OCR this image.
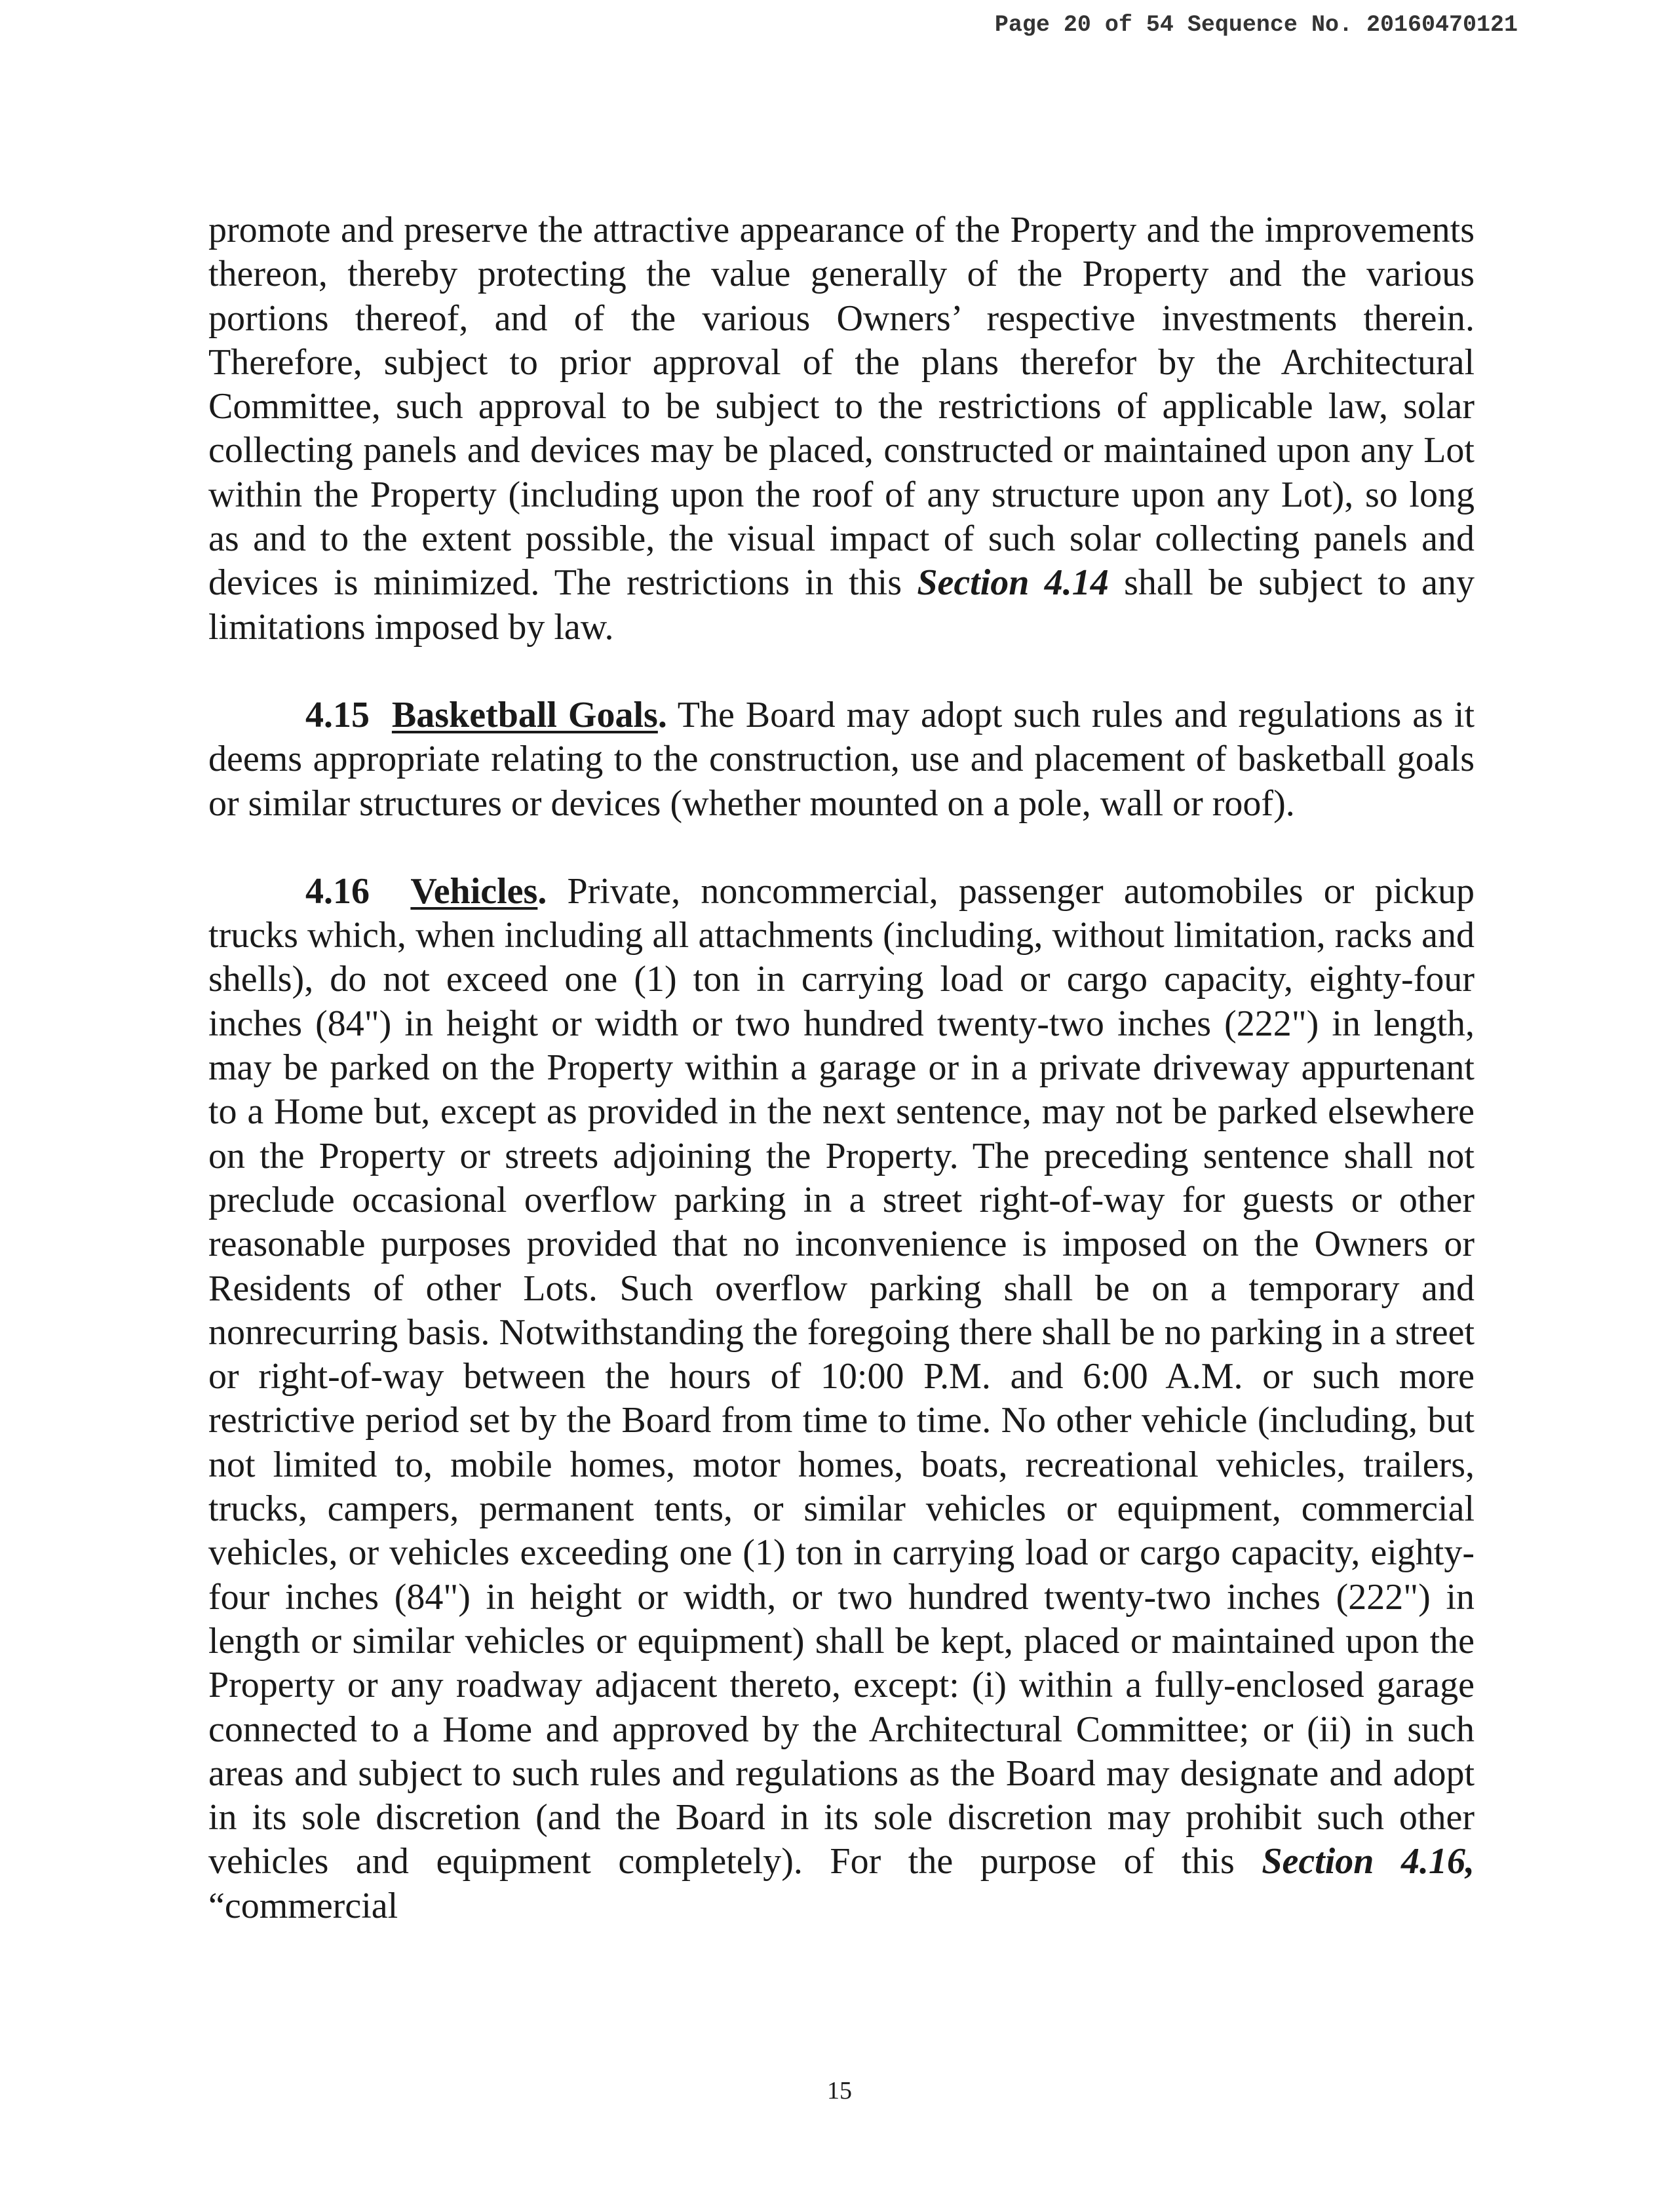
Page 20 of 54 Sequence No. 20160470121

promote and preserve the attractive appearance of the Property and the improvements thereon, thereby protecting the value generally of the Property and the various portions thereof, and of the various Owners’ respective investments therein. Therefore, subject to prior approval of the plans therefor by the Architectural Committee, such approval to be subject to the restrictions of applicable law, solar collecting panels and devices may be placed, constructed or maintained upon any Lot within the Property (including upon the roof of any structure upon any Lot), so long as and to the extent possible, the visual impact of such solar collecting panels and devices is minimized. The restrictions in this Section 4.14 shall be subject to any limitations imposed by law.

4.15 Basketball Goals. The Board may adopt such rules and regulations as it deems appropriate relating to the construction, use and placement of basketball goals or similar structures or devices (whether mounted on a pole, wall or roof).

4.16 Vehicles. Private, noncommercial, passenger automobiles or pickup trucks which, when including all attachments (including, without limitation, racks and shells), do not exceed one (1) ton in carrying load or cargo capacity, eighty-four inches (84") in height or width or two hundred twenty-two inches (222") in length, may be parked on the Property within a garage or in a private driveway appurtenant to a Home but, except as provided in the next sentence, may not be parked elsewhere on the Property or streets adjoining the Property. The preceding sentence shall not preclude occasional overflow parking in a street right-of-way for guests or other reasonable purposes provided that no inconvenience is imposed on the Owners or Residents of other Lots. Such overflow parking shall be on a temporary and nonrecurring basis. Notwithstanding the foregoing there shall be no parking in a street or right-of-way between the hours of 10:00 P.M. and 6:00 A.M. or such more restrictive period set by the Board from time to time. No other vehicle (including, but not limited to, mobile homes, motor homes, boats, recreational vehicles, trailers, trucks, campers, permanent tents, or similar vehicles or equipment, commercial vehicles, or vehicles exceeding one (1) ton in carrying load or cargo capacity, eighty-four inches (84") in height or width, or two hundred twenty-two inches (222") in length or similar vehicles or equipment) shall be kept, placed or maintained upon the Property or any roadway adjacent thereto, except: (i) within a fully-enclosed garage connected to a Home and approved by the Architectural Committee; or (ii) in such areas and subject to such rules and regulations as the Board may designate and adopt in its sole discretion (and the Board in its sole discretion may prohibit such other vehicles and equipment completely). For the purpose of this Section 4.16, “commercial

15
